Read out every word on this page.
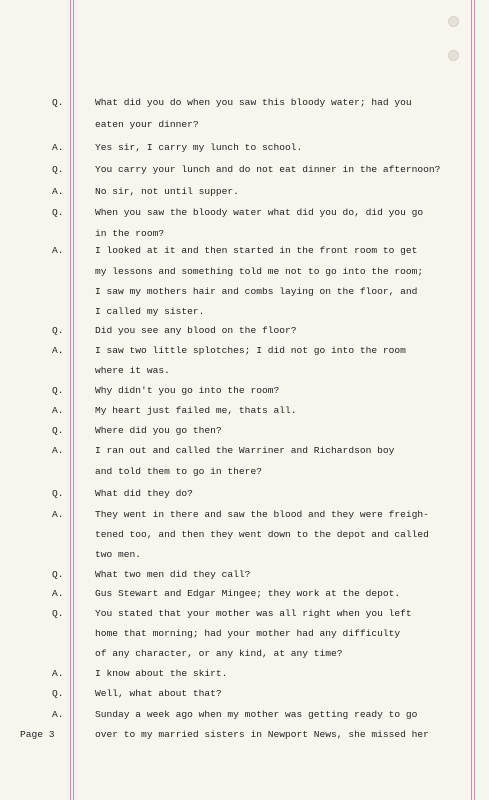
Q.	What did you do when you saw this bloody water; had you
eaten your dinner?
A.	Yes sir, I carry my lunch to school.
Q.	You carry your lunch and do not eat dinner in the afternoon?
A.	No sir, not until supper.
Q.	When you saw the bloody water what did you do, did you go
in the room?
A.	I looked at it and then started in the front room to get
my lessons and something told me not to go into the room;
I saw my mothers hair and combs laying on the floor, and
I called my sister.
Q.	Did you see any blood on the floor?
A.	I saw two little splotches; I did not go into the room
where it was.
Q.	Why didn't you go into the room?
A.	My heart just failed me, thats all.
Q.	Where did you go then?
A.	I ran out and called the Warriner and Richardson boy
and told them to go in there?
Q.	What did they do?
A.	They went in there and saw the blood and they were freigh-
tened too, and then they went down to the depot and called
two men.
Q.	What two men did they call?
A.	Gus Stewart and Edgar Mingee; they work at the depot.
Q.	You stated that your mother was all right when you left
home that morning; had your mother had any difficulty
of any character, or any kind, at any time?
A.	I know about the skirt.
Q.	Well, what about that?
A.	Sunday a week ago when my mother was getting ready to go
over to my married sisters in Newport News, she missed her
Page 3
